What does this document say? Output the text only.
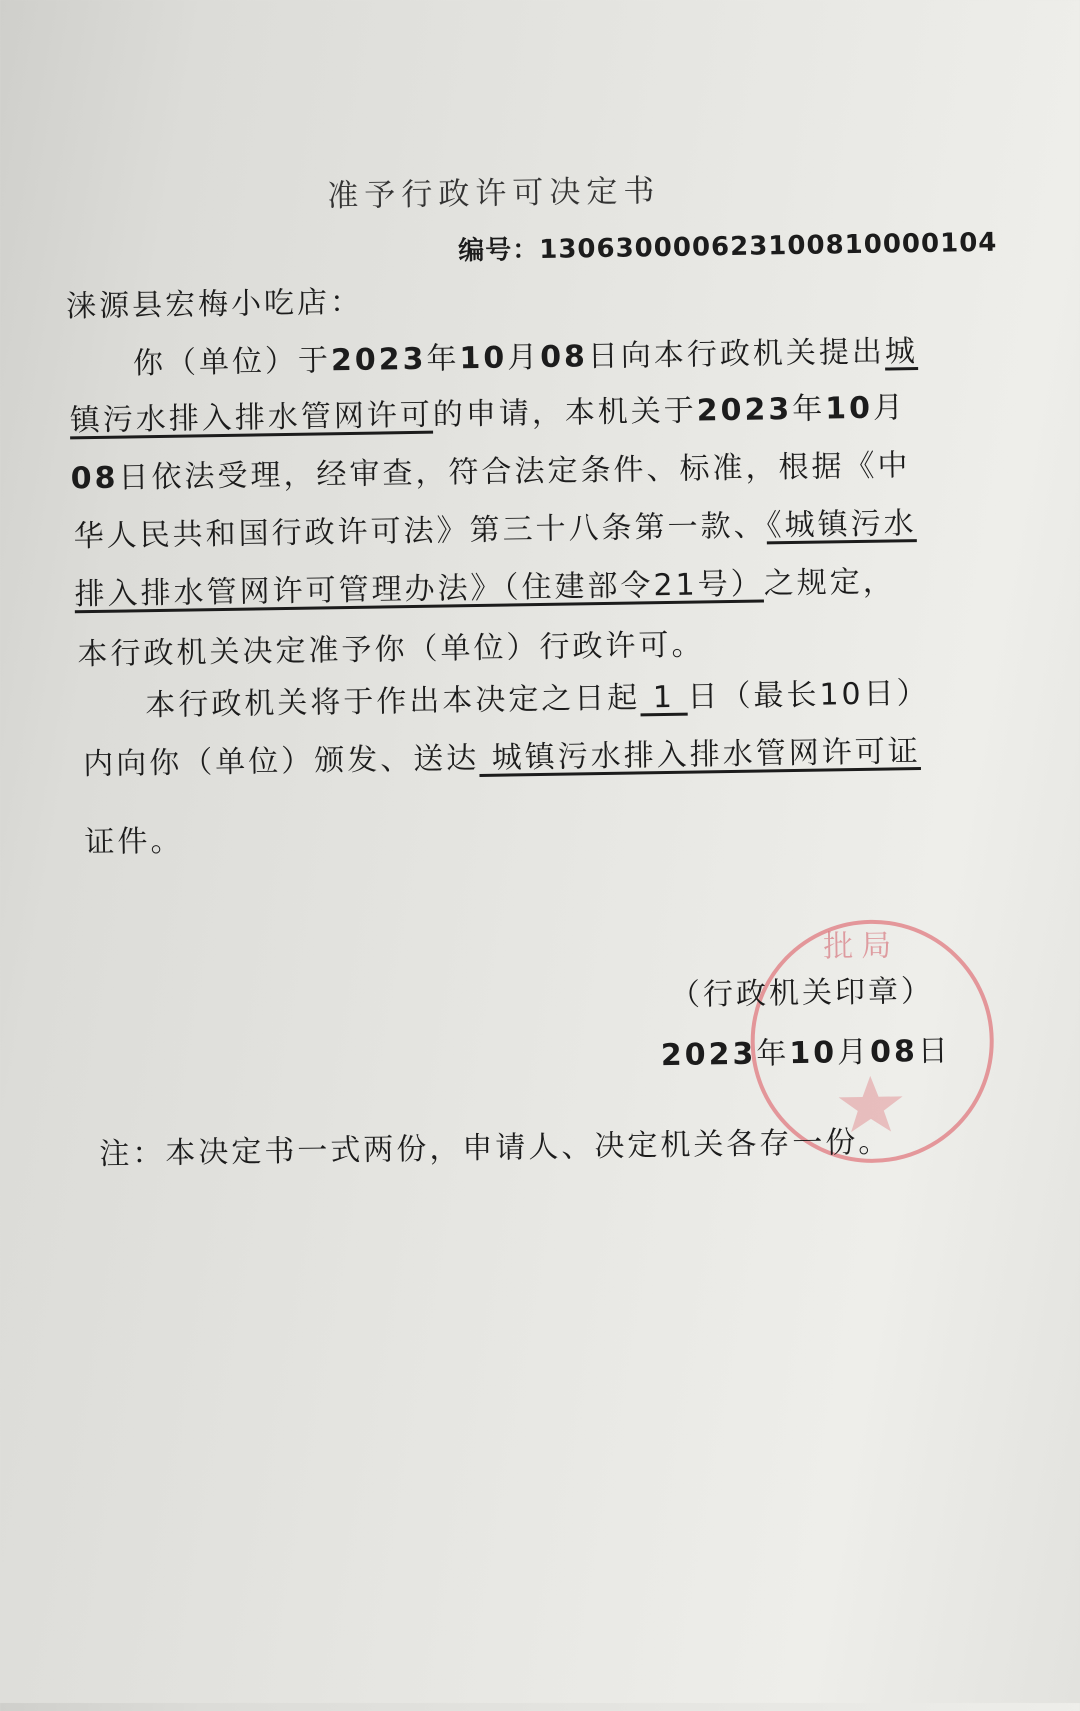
准予行政许可决定书
编号：130630000623100810000104
涞源县宏梅小吃店：
你（单位）于2023年10月08日向本行政机关提出城
镇污水排入排水管网许可的申请，本机关于2023年10月
08日依法受理，经审查，符合法定条件、标准，根据《中
华人民共和国行政许可法》第三十八条第一款、《城镇污水
排入排水管网许可管理办法》（住建部令21号）之规定，
本行政机关决定准予你（单位）行政许可。
本行政机关将于作出本决定之日起 1 日（最长10日）
内向你（单位）颁发、送达 城镇污水排入排水管网许可证
证件。
批局
（行政机关印章）
2023年10月08日
注：本决定书一式两份，申请人、决定机关各存一份。
